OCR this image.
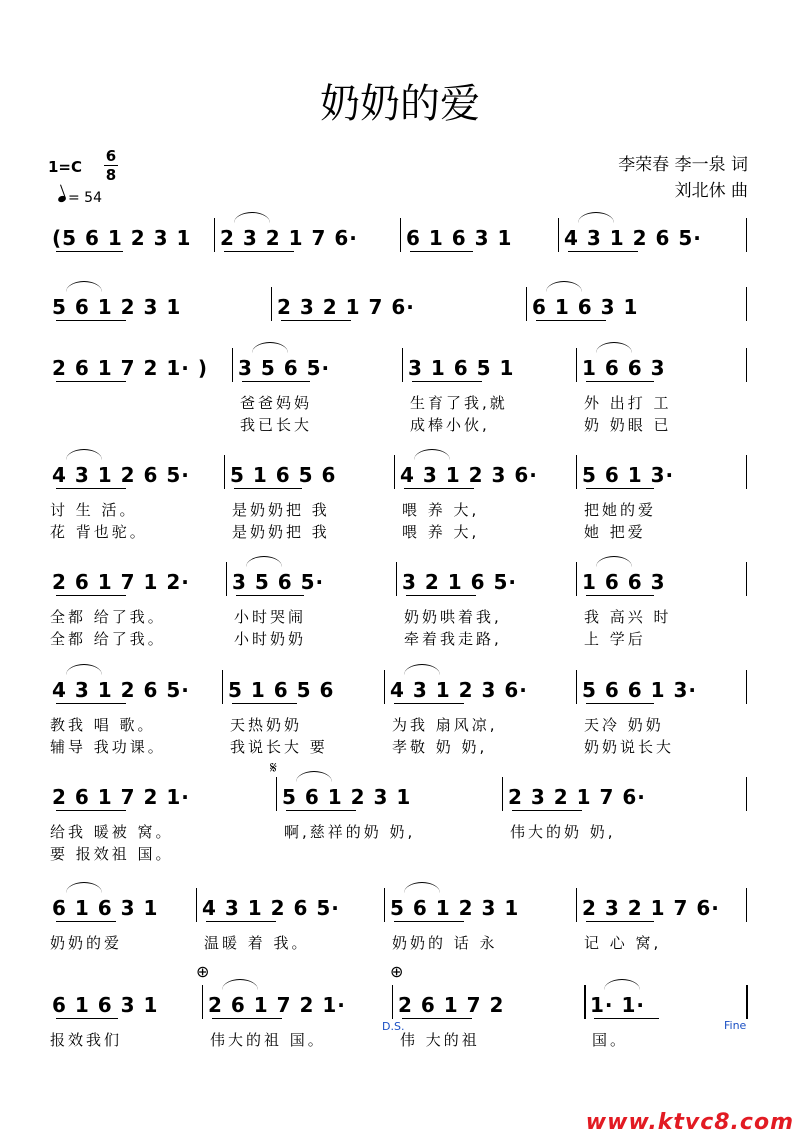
奶奶的爱
1=C
6
8
= 54
李荣春 李一泉 词
刘北休 曲
(5 6 1 2 3 1 2 3 2 1 7 6· 6 1 6 3 1	4 3 1 2 6 5·
5 6 1 2 3 1	2 3 2 1 7 6·	6 1 6 3 1
2 6 1 7 2 1· ) 3 5 6 5·	3 1 6 5 1	1 6 6 3
爸爸妈妈	生育了我,就	外 出打 工
我已长大	成棒小伙,	奶 奶眼 已
4 3 1 2 6 5· 5 1 6 5 6	4 3 1 2 3 6· 5 6 1 3·
讨 生 活。	是奶奶把 我	喂 养 大,	把她的爱
花 背也驼。	是奶奶把 我	喂 养 大,	她 把爱
2 6 1 7 1 2· 3 5 6 5·	3 2 1 6 5·	1 6 6 3
全都 给了我。	小时哭闹	奶奶哄着我,	我 高兴 时
全都 给了我。	小时奶奶	牵着我走路,	上 学后
4 3 1 2 6 5· 5 1 6 5 6	4 3 1 2 3 6·	5 6 6 1 3·
教我 唱 歌。	天热奶奶	为我 扇风凉,	天冷 奶奶
辅导 我功课。	我说长大 要	孝敬 奶 奶,	奶奶说长大
2 6 1 7 2 1·	5 6 1 2 3 1	2 3 2 1 7 6·
给我 暖被 窝。	啊,慈祥的奶 奶,	伟大的奶 奶,
要 报效祖 国。
6 1 6 3 1 4 3 1 2 6 5·	5 6 1 2 3 1	2 3 2 1 7 6·
奶奶的爱	温暖 着 我。	奶奶的 话 永	记 心 窝,
6 1 6 3 1 2 6 1 7 2 1·	2 6 1 7 2	1· 1·
报效我们	伟大的祖 国。	伟 大的祖	国。
www.ktvc8.com
𝄋
⊕	⊕
D.S.	Fine
